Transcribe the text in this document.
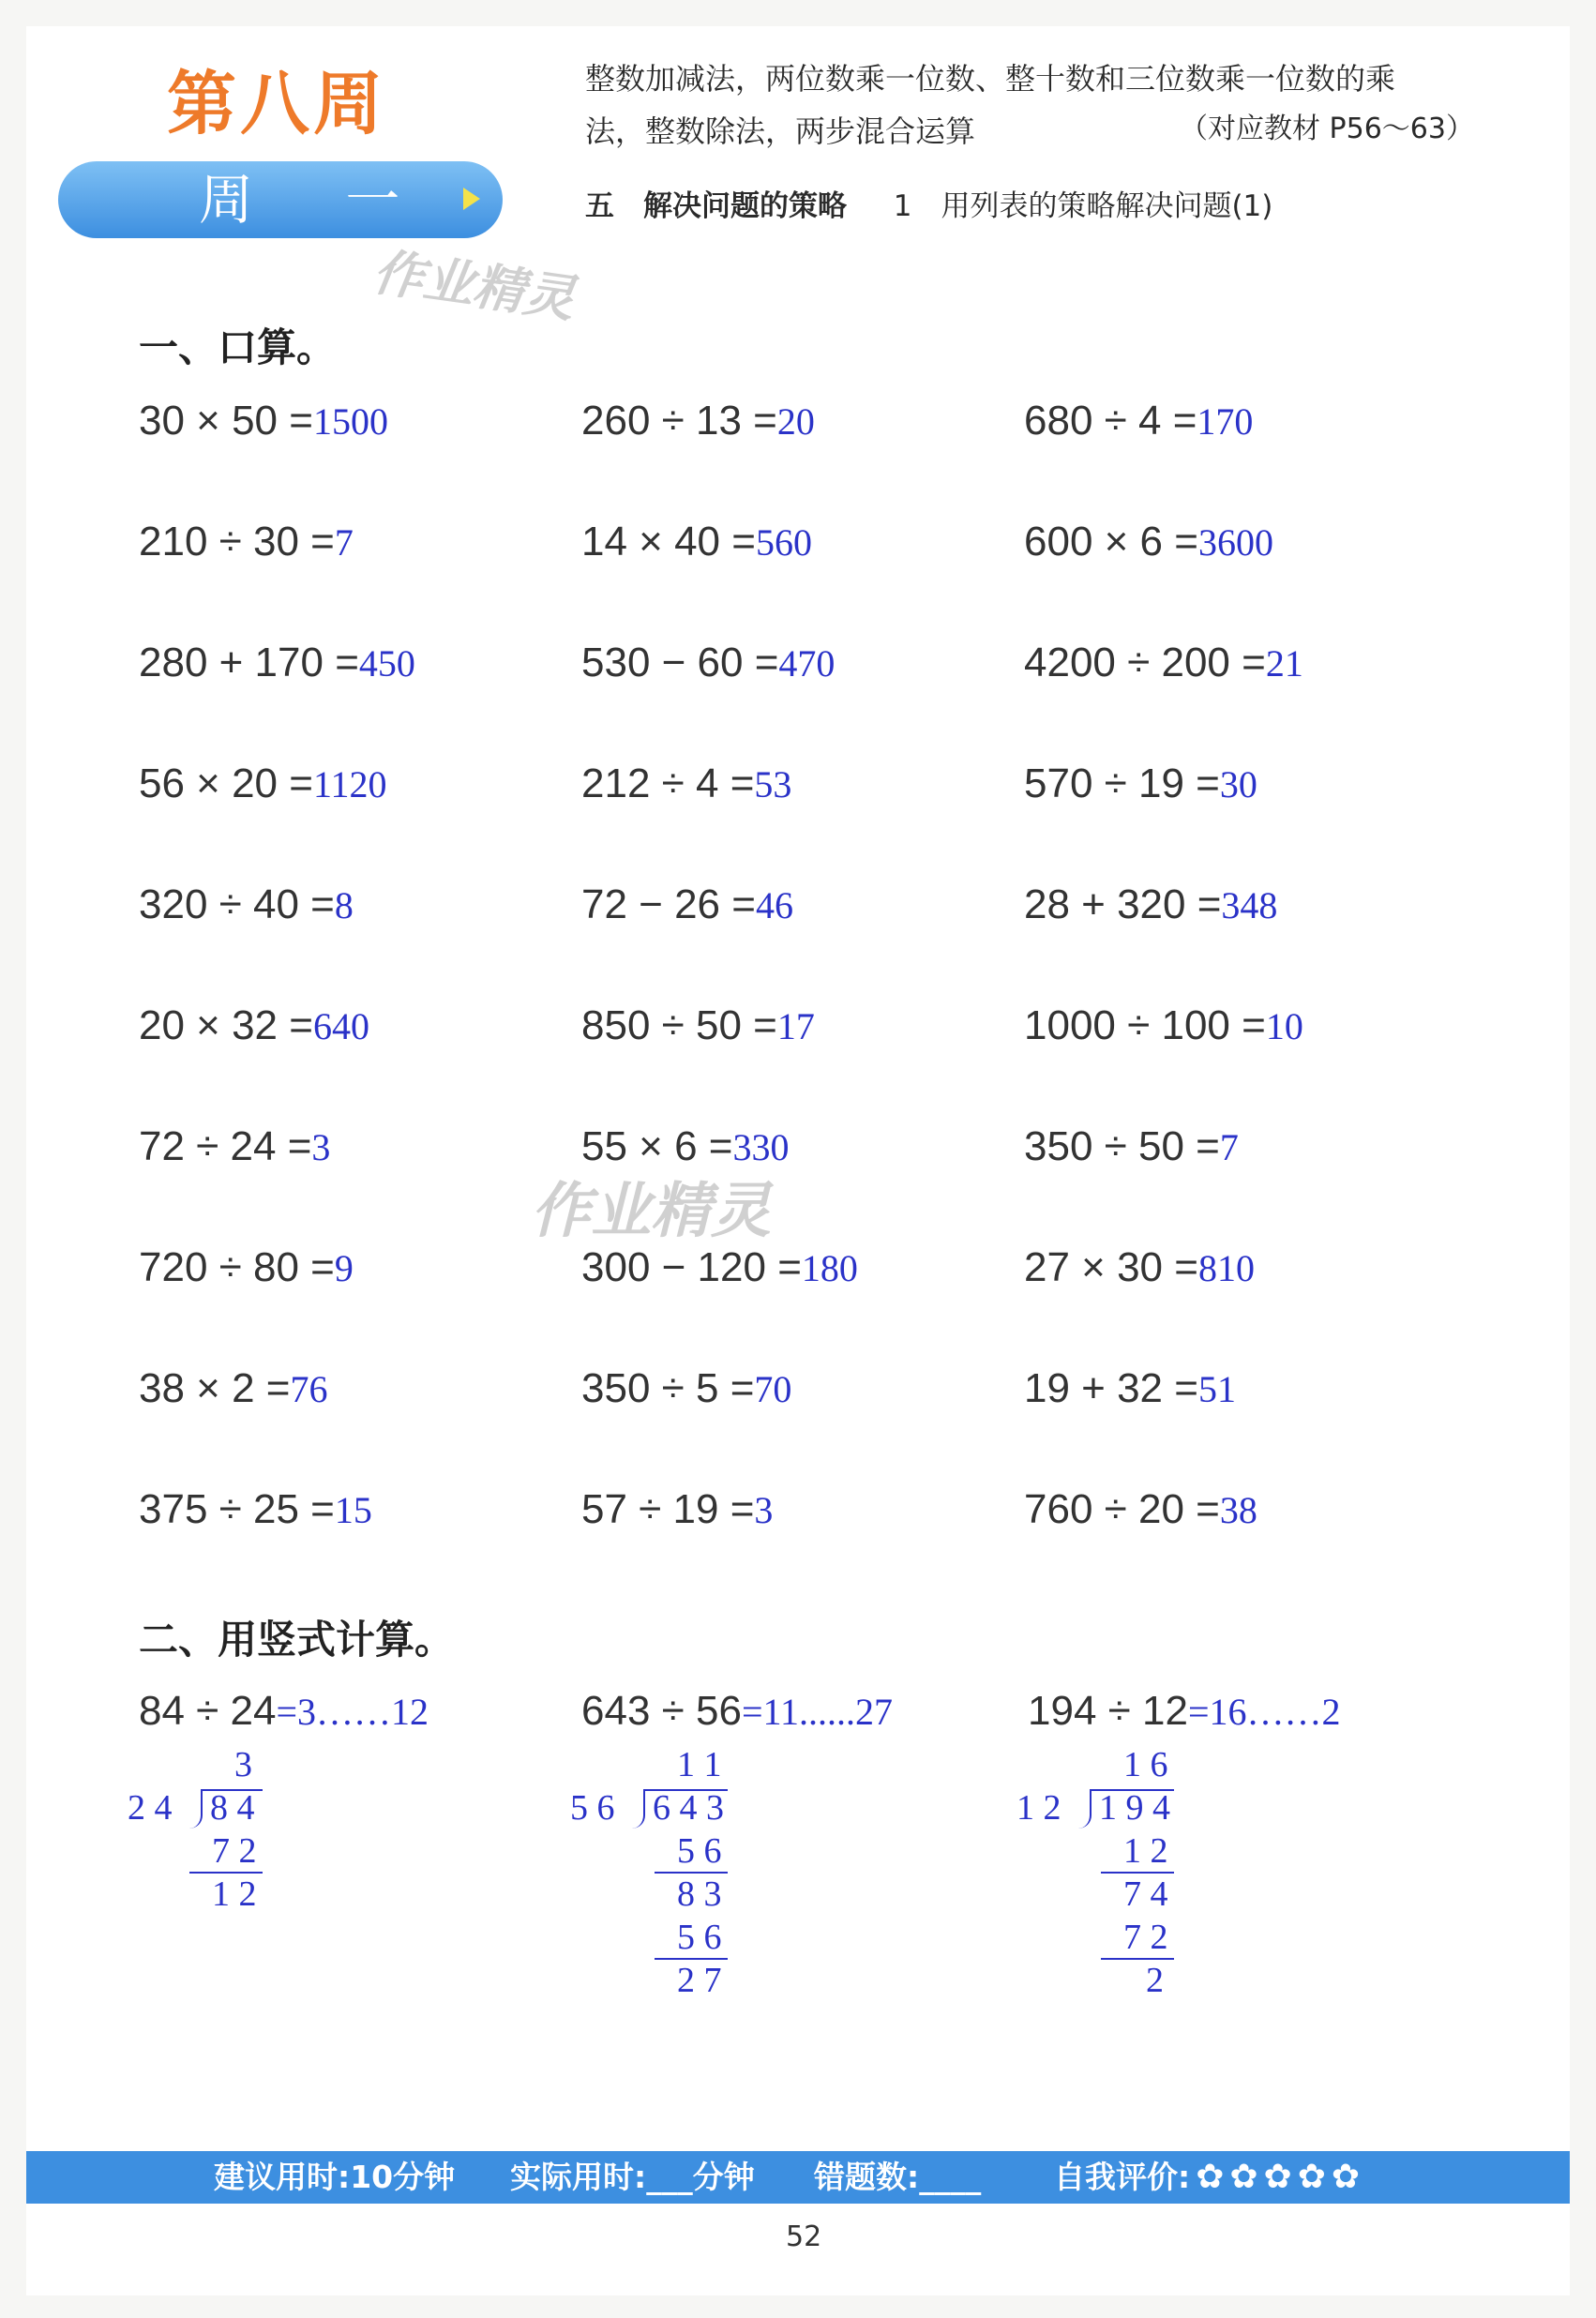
第八周
周 一
整数加减法，两位数乘一位数、整十数和三位数乘一位数的乘
法，整数除法，两步混合运算	（对应教材 P56～63）
五　解决问题的策略 1　用列表的策略解决问题(1)
作业精灵
作业精灵
一、口算。
30 × 50 =1500
210 ÷ 30 =7
280 + 170 =450
56 × 20 =1120
320 ÷ 40 =8
20 × 32 =640
72 ÷ 24 =3
720 ÷ 80 =9
38 × 2 =76
375 ÷ 25 =15
260 ÷ 13 =20
14 × 40 =560
530 − 60 =470
212 ÷ 4 =53
72 − 26 =46
850 ÷ 50 =17
55 × 6 =330
300 − 120 =180
350 ÷ 5 =70
57 ÷ 19 =3
680 ÷ 4 =170
600 × 6 =3600
4200 ÷ 200 =21
570 ÷ 19 =30
28 + 320 =348
1000 ÷ 100 =10
350 ÷ 50 =7
27 × 30 =810
19 + 32 =51
760 ÷ 20 =38
二、用竖式计算。
84 ÷ 24=3……12
3
2 4 8 4
7 2
1 2
643 ÷ 56=11......27
1 1
5 6 6 4 3
5 6
8 3
5 6
2 7
194 ÷ 12=16……2
1 6
1 2 1 9 4
1 2
7 4
7 2
2
建议用时:10分钟 实际用时:___分钟 错题数:____ 自我评价: ✿ ✿ ✿ ✿ ✿
52
